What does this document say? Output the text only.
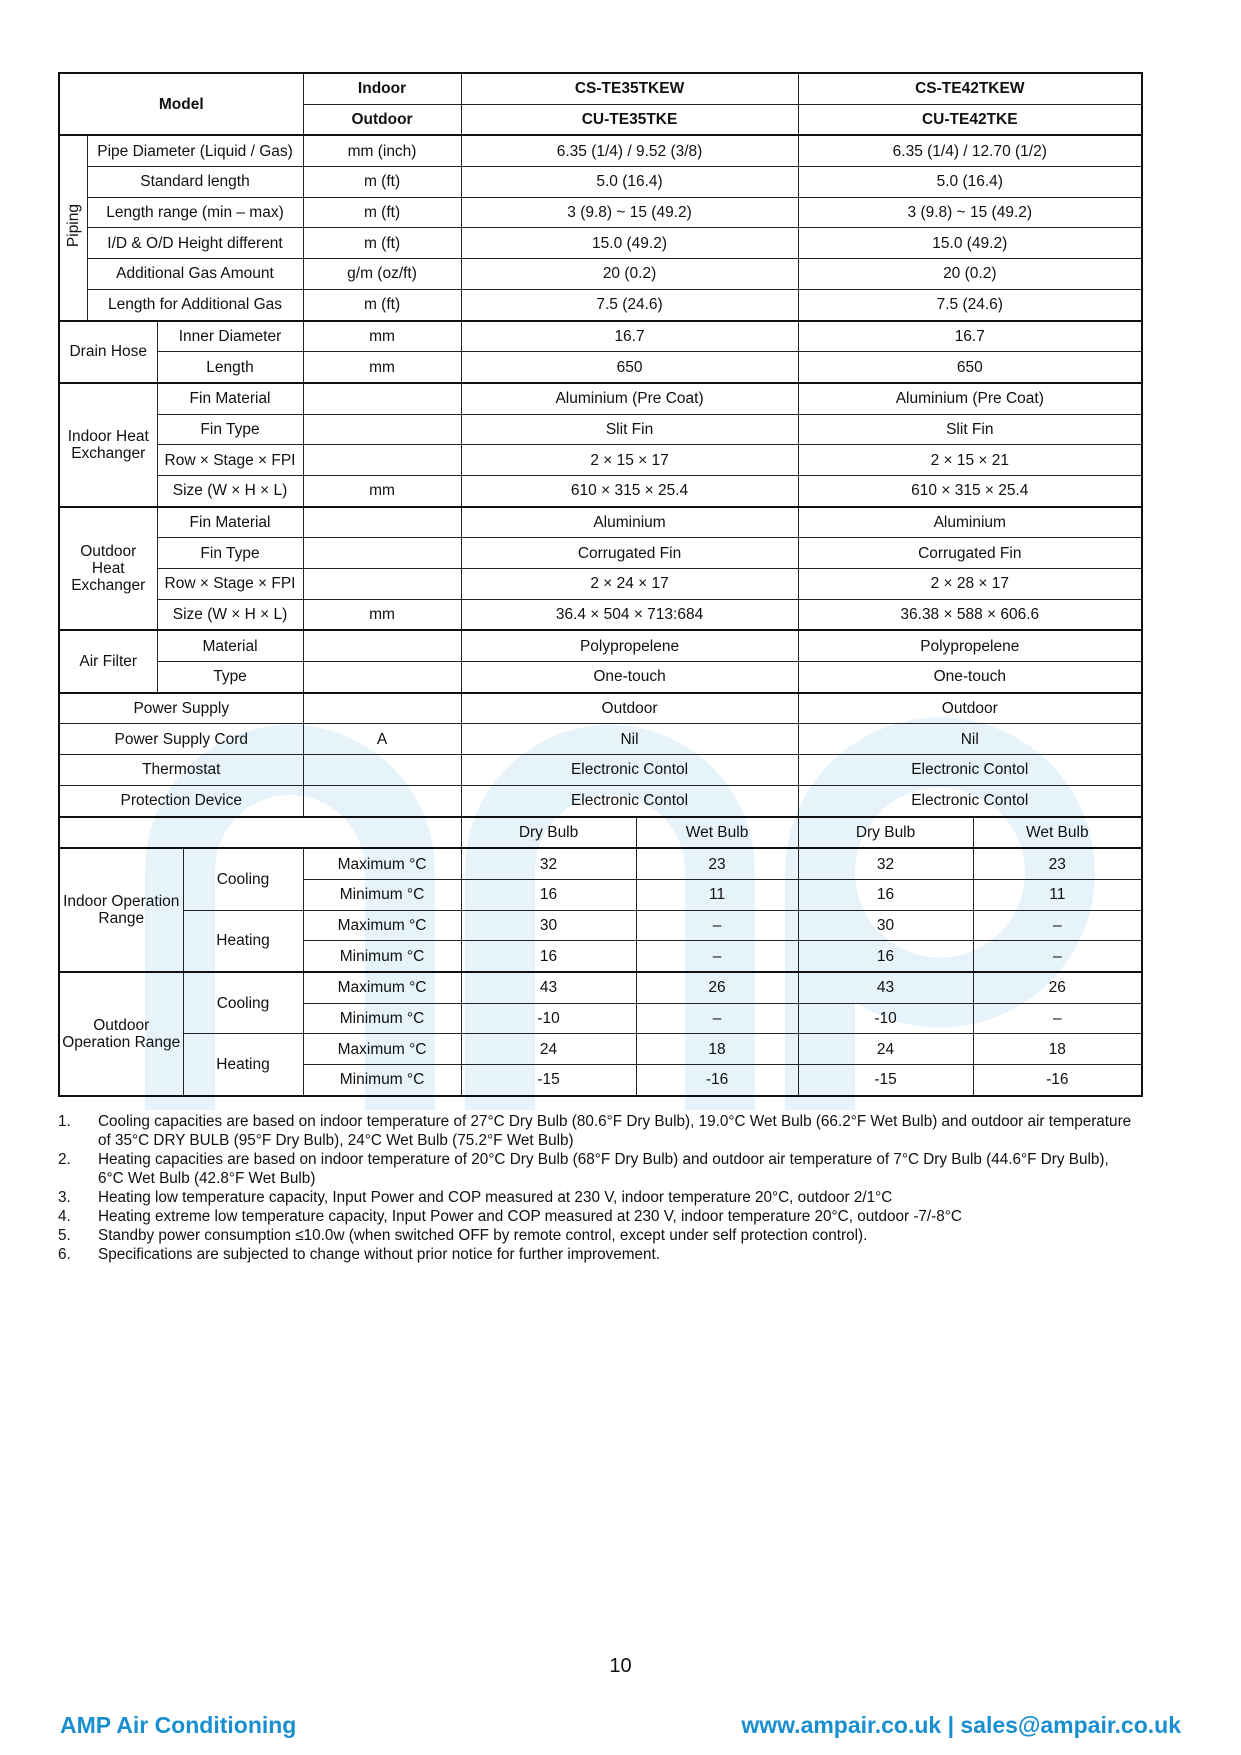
Model				Indoor	CS-TE35TKEW		CS-TE42TKEW	
				Outdoor	CU-TE35TKE		CU-TE42TKE	
Piping	Pipe Diameter (Liquid / Gas)			mm (inch)	6.35 (1/4) / 9.52 (3/8)		6.35 (1/4) / 12.70 (1/2)	
	Standard length			m (ft)	5.0 (16.4)		5.0 (16.4)	
	Length range (min – max)			m (ft)	3 (9.8) ~ 15 (49.2)		3 (9.8) ~ 15 (49.2)	
	I/D & O/D Height different			m (ft)	15.0 (49.2)		15.0 (49.2)	
	Additional Gas Amount			g/m (oz/ft)	20 (0.2)		20 (0.2)	
	Length for Additional Gas			m (ft)	7.5 (24.6)		7.5 (24.6)	
Drain Hose		Inner Diameter		mm	16.7		16.7	
		Length		mm	650		650	
Indoor Heat Exchanger		Fin Material			Aluminium (Pre Coat)		Aluminium (Pre Coat)	
		Fin Type			Slit Fin		Slit Fin	
		Row × Stage × FPI			2 × 15 × 17		2 × 15 × 21	
		Size (W × H × L)		mm	610 × 315 × 25.4		610 × 315 × 25.4	
Outdoor Heat Exchanger		Fin Material			Aluminium		Aluminium	
		Fin Type			Corrugated Fin		Corrugated Fin	
		Row × Stage × FPI			2 × 24 × 17		2 × 28 × 17	
		Size (W × H × L)		mm	36.4 × 504 × 713:684		36.38 × 588 × 606.6	
Air Filter		Material			Polypropelene		Polypropelene	
		Type			One-touch		One-touch	
Power Supply					Outdoor		Outdoor	
Power Supply Cord				A	Nil		Nil	
Thermostat					Electronic Contol		Electronic Contol	
Protection Device					Electronic Contol		Electronic Contol	
					Dry Bulb	Wet Bulb	Dry Bulb	Wet Bulb
Indoor Operation Range			Cooling	Maximum °C	32	23	32	23
				Minimum °C	16	11	16	11
			Heating	Maximum °C	30	–	30	–
				Minimum °C	16	–	16	–
Outdoor Operation Range			Cooling	Maximum °C	43	26	43	26
				Minimum °C	-10	–	-10	–
			Heating	Maximum °C	24	18	24	18
				Minimum °C	-15	-16	-15	-16
1.	Cooling capacities are based on indoor temperature of 27°C Dry Bulb (80.6°F Dry Bulb), 19.0°C Wet Bulb (66.2°F Wet Bulb) and outdoor air temperature of 35°C DRY BULB (95°F Dry Bulb), 24°C Wet Bulb (75.2°F Wet Bulb)
2.	Heating capacities are based on indoor temperature of 20°C Dry Bulb (68°F Dry Bulb) and outdoor air temperature of 7°C Dry Bulb (44.6°F Dry Bulb), 6°C Wet Bulb (42.8°F Wet Bulb)
3.	Heating low temperature capacity, Input Power and COP measured at 230 V, indoor temperature 20°C, outdoor 2/1°C
4.	Heating extreme low temperature capacity, Input Power and COP measured at 230 V, indoor temperature 20°C, outdoor -7/-8°C
5.	Standby power consumption ≤10.0w (when switched OFF by remote control, except under self protection control).
6.	Specifications are subjected to change without prior notice for further improvement.
10
AMP Air Conditioning	www.ampair.co.uk | sales@ampair.co.uk
